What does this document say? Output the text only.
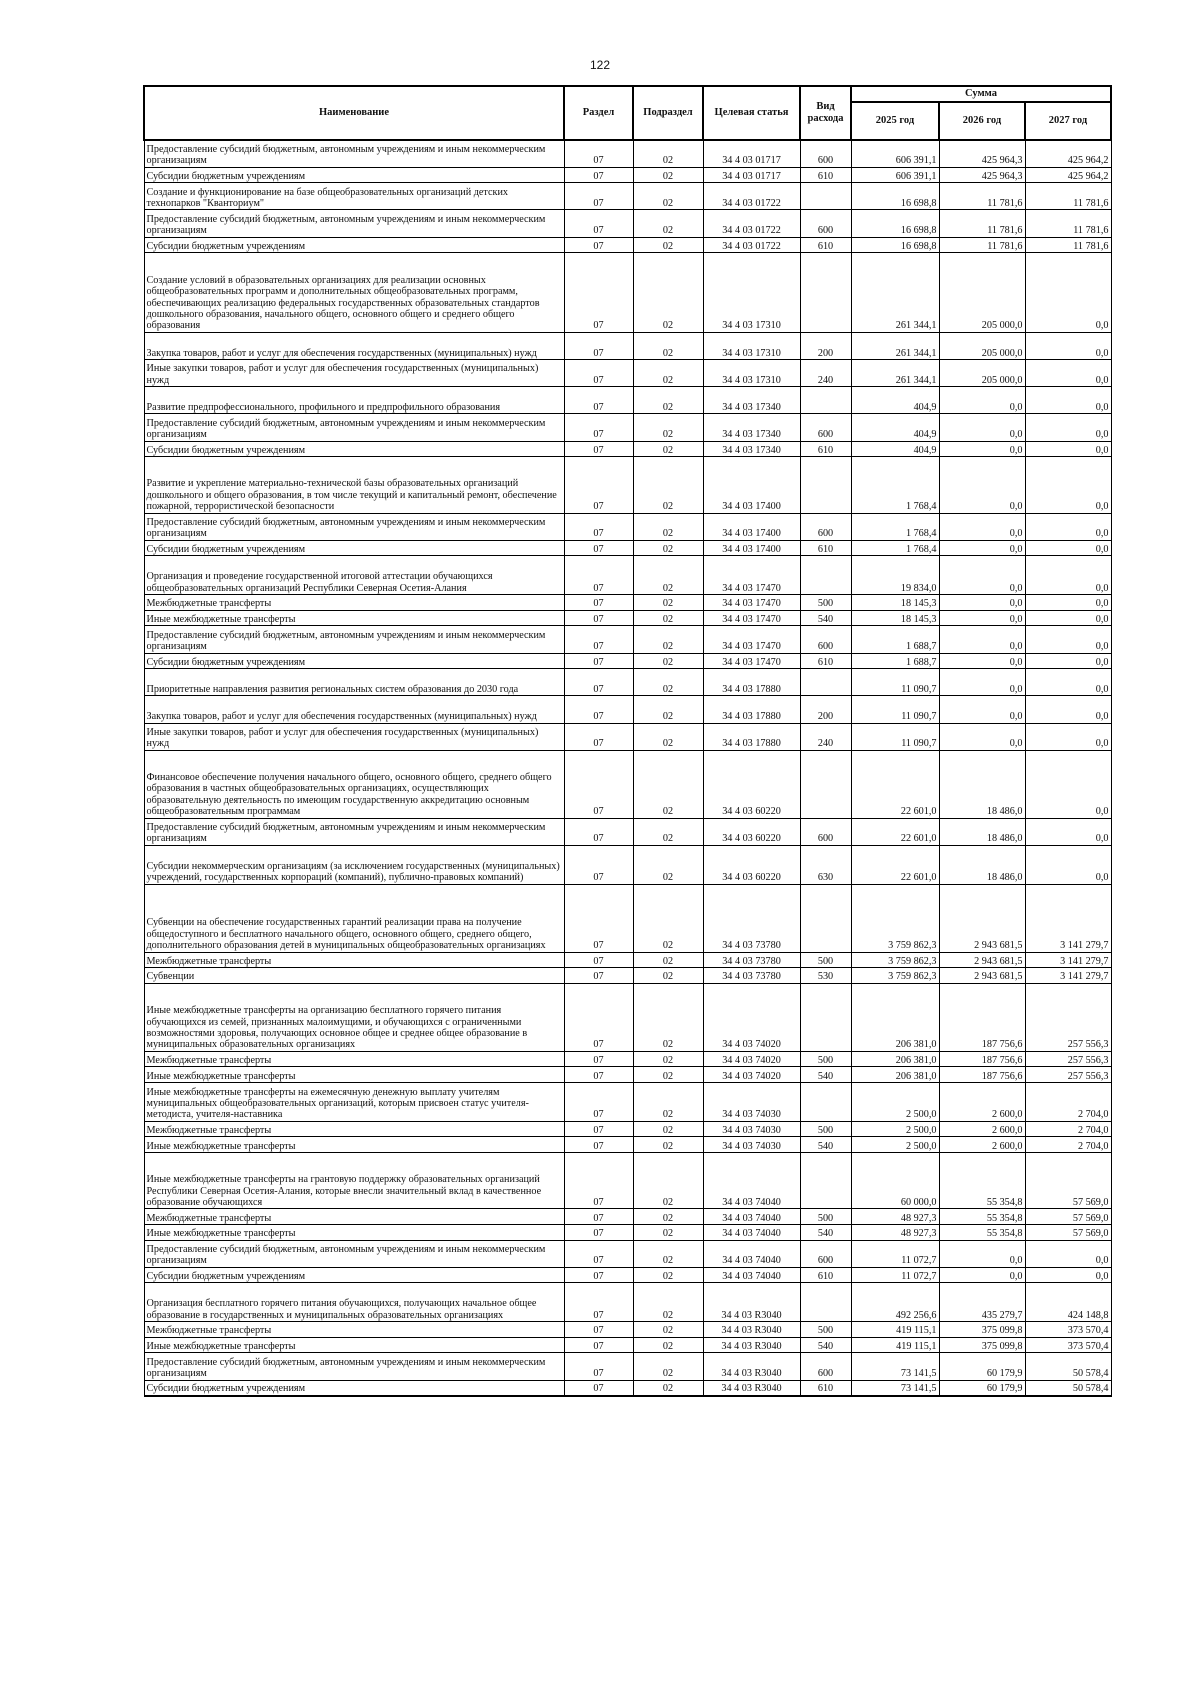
122
Наименование	Раздел	Подраздел	Целевая статья	Вид расхода	Сумма		
					2025 год	2026 год	2027 год
Предоставление субсидий бюджетным, автономным учреждениям и иным некоммерческим организациям	07	02	34 4 03 01717	600	606 391,1	425 964,3	425 964,2
Субсидии бюджетным учреждениям	07	02	34 4 03 01717	610	606 391,1	425 964,3	425 964,2
Создание и функционирование на базе общеобразовательных организаций детских технопарков "Кванториум"	07	02	34 4 03 01722		16 698,8	11 781,6	11 781,6
Предоставление субсидий бюджетным, автономным учреждениям и иным некоммерческим организациям	07	02	34 4 03 01722	600	16 698,8	11 781,6	11 781,6
Субсидии бюджетным учреждениям	07	02	34 4 03 01722	610	16 698,8	11 781,6	11 781,6
Создание условий в образовательных организациях для реализации основных общеобразовательных программ и дополнительных общеобразовательных программ, обеспечивающих реализацию федеральных государственных образовательных стандартов дошкольного образования, начального общего, основного общего и среднего общего образования	07	02	34 4 03 17310		261 344,1	205 000,0	0,0
Закупка товаров, работ и услуг для обеспечения государственных (муниципальных) нужд	07	02	34 4 03 17310	200	261 344,1	205 000,0	0,0
Иные закупки товаров, работ и услуг для обеспечения государственных (муниципальных) нужд	07	02	34 4 03 17310	240	261 344,1	205 000,0	0,0
Развитие предпрофессионального, профильного и предпрофильного образования	07	02	34 4 03 17340		404,9	0,0	0,0
Предоставление субсидий бюджетным, автономным учреждениям и иным некоммерческим организациям	07	02	34 4 03 17340	600	404,9	0,0	0,0
Субсидии бюджетным учреждениям	07	02	34 4 03 17340	610	404,9	0,0	0,0
Развитие и укрепление материально-технической базы образовательных организаций дошкольного и общего образования, в том числе текущий и капитальный ремонт, обеспечение пожарной, террористической безопасности	07	02	34 4 03 17400		1 768,4	0,0	0,0
Предоставление субсидий бюджетным, автономным учреждениям и иным некоммерческим организациям	07	02	34 4 03 17400	600	1 768,4	0,0	0,0
Субсидии бюджетным учреждениям	07	02	34 4 03 17400	610	1 768,4	0,0	0,0
Организация и проведение государственной итоговой аттестации обучающихся общеобразовательных организаций Республики Северная Осетия-Алания	07	02	34 4 03 17470		19 834,0	0,0	0,0
Межбюджетные трансферты	07	02	34 4 03 17470	500	18 145,3	0,0	0,0
Иные межбюджетные трансферты	07	02	34 4 03 17470	540	18 145,3	0,0	0,0
Предоставление субсидий бюджетным, автономным учреждениям и иным некоммерческим организациям	07	02	34 4 03 17470	600	1 688,7	0,0	0,0
Субсидии бюджетным учреждениям	07	02	34 4 03 17470	610	1 688,7	0,0	0,0
Приоритетные направления развития региональных систем образования до 2030 года	07	02	34 4 03 17880		11 090,7	0,0	0,0
Закупка товаров, работ и услуг для обеспечения государственных (муниципальных) нужд	07	02	34 4 03 17880	200	11 090,7	0,0	0,0
Иные закупки товаров, работ и услуг для обеспечения государственных (муниципальных) нужд	07	02	34 4 03 17880	240	11 090,7	0,0	0,0
Финансовое обеспечение получения начального общего, основного общего, среднего общего образования в частных общеобразовательных организациях, осуществляющих образовательную деятельность по имеющим государственную аккредитацию основным общеобразовательным программам	07	02	34 4 03 60220		22 601,0	18 486,0	0,0
Предоставление субсидий бюджетным, автономным учреждениям и иным некоммерческим организациям	07	02	34 4 03 60220	600	22 601,0	18 486,0	0,0
Субсидии некоммерческим организациям (за исключением государственных (муниципальных) учреждений, государственных корпораций (компаний), публично-правовых компаний)	07	02	34 4 03 60220	630	22 601,0	18 486,0	0,0
Субвенции на обеспечение государственных гарантий реализации права на получение общедоступного и бесплатного начального общего, основного общего, среднего общего, дополнительного образования детей в муниципальных общеобразовательных организациях	07	02	34 4 03 73780		3 759 862,3	2 943 681,5	3 141 279,7
Межбюджетные трансферты	07	02	34 4 03 73780	500	3 759 862,3	2 943 681,5	3 141 279,7
Субвенции	07	02	34 4 03 73780	530	3 759 862,3	2 943 681,5	3 141 279,7
Иные межбюджетные трансферты на организацию бесплатного горячего питания обучающихся из семей, признанных малоимущими, и обучающихся с ограниченными возможностями здоровья, получающих основное общее и среднее общее образование в муниципальных образовательных организациях	07	02	34 4 03 74020		206 381,0	187 756,6	257 556,3
Межбюджетные трансферты	07	02	34 4 03 74020	500	206 381,0	187 756,6	257 556,3
Иные межбюджетные трансферты	07	02	34 4 03 74020	540	206 381,0	187 756,6	257 556,3
Иные межбюджетные трансферты на ежемесячную денежную выплату учителям муниципальных общеобразовательных организаций, которым присвоен статус учителя-методиста, учителя-наставника	07	02	34 4 03 74030		2 500,0	2 600,0	2 704,0
Межбюджетные трансферты	07	02	34 4 03 74030	500	2 500,0	2 600,0	2 704,0
Иные межбюджетные трансферты	07	02	34 4 03 74030	540	2 500,0	2 600,0	2 704,0
Иные межбюджетные трансферты на грантовую поддержку образовательных организаций Республики Северная Осетия-Алания, которые внесли значительный вклад в качественное образование обучающихся	07	02	34 4 03 74040		60 000,0	55 354,8	57 569,0
Межбюджетные трансферты	07	02	34 4 03 74040	500	48 927,3	55 354,8	57 569,0
Иные межбюджетные трансферты	07	02	34 4 03 74040	540	48 927,3	55 354,8	57 569,0
Предоставление субсидий бюджетным, автономным учреждениям и иным некоммерческим организациям	07	02	34 4 03 74040	600	11 072,7	0,0	0,0
Субсидии бюджетным учреждениям	07	02	34 4 03 74040	610	11 072,7	0,0	0,0
Организация бесплатного горячего питания обучающихся, получающих начальное общее образование в государственных и муниципальных образовательных организациях	07	02	34 4 03 R3040		492 256,6	435 279,7	424 148,8
Межбюджетные трансферты	07	02	34 4 03 R3040	500	419 115,1	375 099,8	373 570,4
Иные межбюджетные трансферты	07	02	34 4 03 R3040	540	419 115,1	375 099,8	373 570,4
Предоставление субсидий бюджетным, автономным учреждениям и иным некоммерческим организациям	07	02	34 4 03 R3040	600	73 141,5	60 179,9	50 578,4
Субсидии бюджетным учреждениям	07	02	34 4 03 R3040	610	73 141,5	60 179,9	50 578,4
